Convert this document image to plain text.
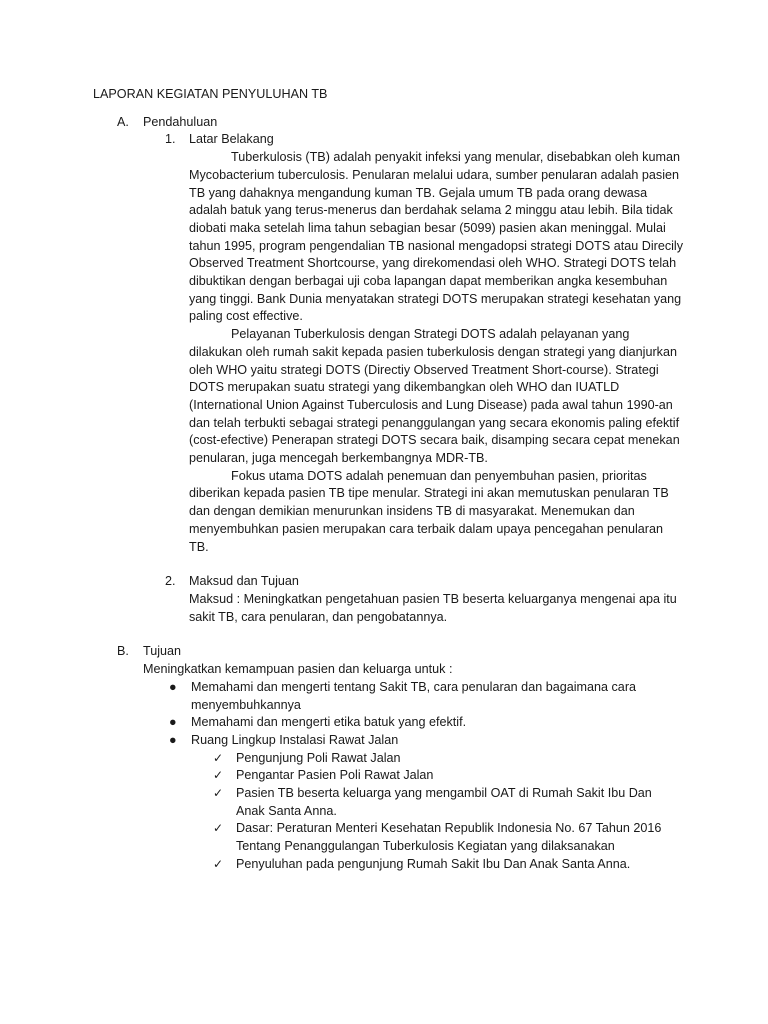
LAPORAN KEGIATAN PENYULUHAN TB
A.	Pendahuluan
1.	Latar Belakang

Tuberkulosis (TB) adalah penyakit infeksi yang menular, disebabkan oleh kuman Mycobacterium tuberculosis. Penularan melalui udara, sumber penularan adalah pasien TB yang dahaknya mengandung kuman TB. Gejala umum TB pada orang dewasa adalah batuk yang terus-menerus dan berdahak selama 2 minggu atau lebih. Bila tidak diobati maka setelah lima tahun sebagian besar (5099) pasien akan meninggal. Mulai tahun 1995, program pengendalian TB nasional mengadopsi strategi DOTS atau Direcily Observed Treatment Shortcourse, yang direkomendasi oleh WHO. Strategi DOTS telah dibuktikan dengan berbagai uji coba lapangan dapat memberikan angka kesembuhan yang tinggi. Bank Dunia menyatakan strategi DOTS merupakan strategi kesehatan yang paling cost effective.

Pelayanan Tuberkulosis dengan Strategi DOTS adalah pelayanan yang dilakukan oleh rumah sakit kepada pasien tuberkulosis dengan strategi yang dianjurkan oleh WHO yaitu strategi DOTS (Directiy Observed Treatment Short-course). Strategi DOTS merupakan suatu strategi yang dikembangkan oleh WHO dan IUATLD (International Union Against Tuberculosis and Lung Disease) pada awal tahun 1990-an dan telah terbukti sebagai strategi penanggulangan yang secara ekonomis paling efektif (cost-efective) Penerapan strategi DOTS secara baik, disamping secara cepat menekan penularan, juga mencegah berkembangnya MDR-TB.

Fokus utama DOTS adalah penemuan dan penyembuhan pasien, prioritas diberikan kepada pasien TB tipe menular. Strategi ini akan memutuskan penularan TB dan dengan demikian menurunkan insidens TB di masyarakat. Menemukan dan menyembuhkan pasien merupakan cara terbaik dalam upaya pencegahan penularan TB.

2.	Maksud dan Tujuan

Maksud : Meningkatkan pengetahuan pasien TB beserta keluarganya mengenai apa itu sakit TB, cara penularan, dan pengobatannya.

B.	Tujuan
Meningkatkan kemampuan pasien dan keluarga untuk :
● Memahami dan mengerti tentang Sakit TB, cara penularan dan bagaimana cara menyembuhkannya
● Memahami dan mengerti etika batuk yang efektif.
● Ruang Lingkup Instalasi Rawat Jalan
✓ Pengunjung Poli Rawat Jalan
✓ Pengantar Pasien Poli Rawat Jalan
✓ Pasien TB beserta keluarga yang mengambil OAT di Rumah Sakit Ibu Dan Anak Santa Anna.
✓ Dasar: Peraturan Menteri Kesehatan Republik Indonesia No. 67 Tahun 2016 Tentang Penanggulangan Tuberkulosis Kegiatan yang dilaksanakan
✓ Penyuluhan pada pengunjung Rumah Sakit Ibu Dan Anak Santa Anna.
